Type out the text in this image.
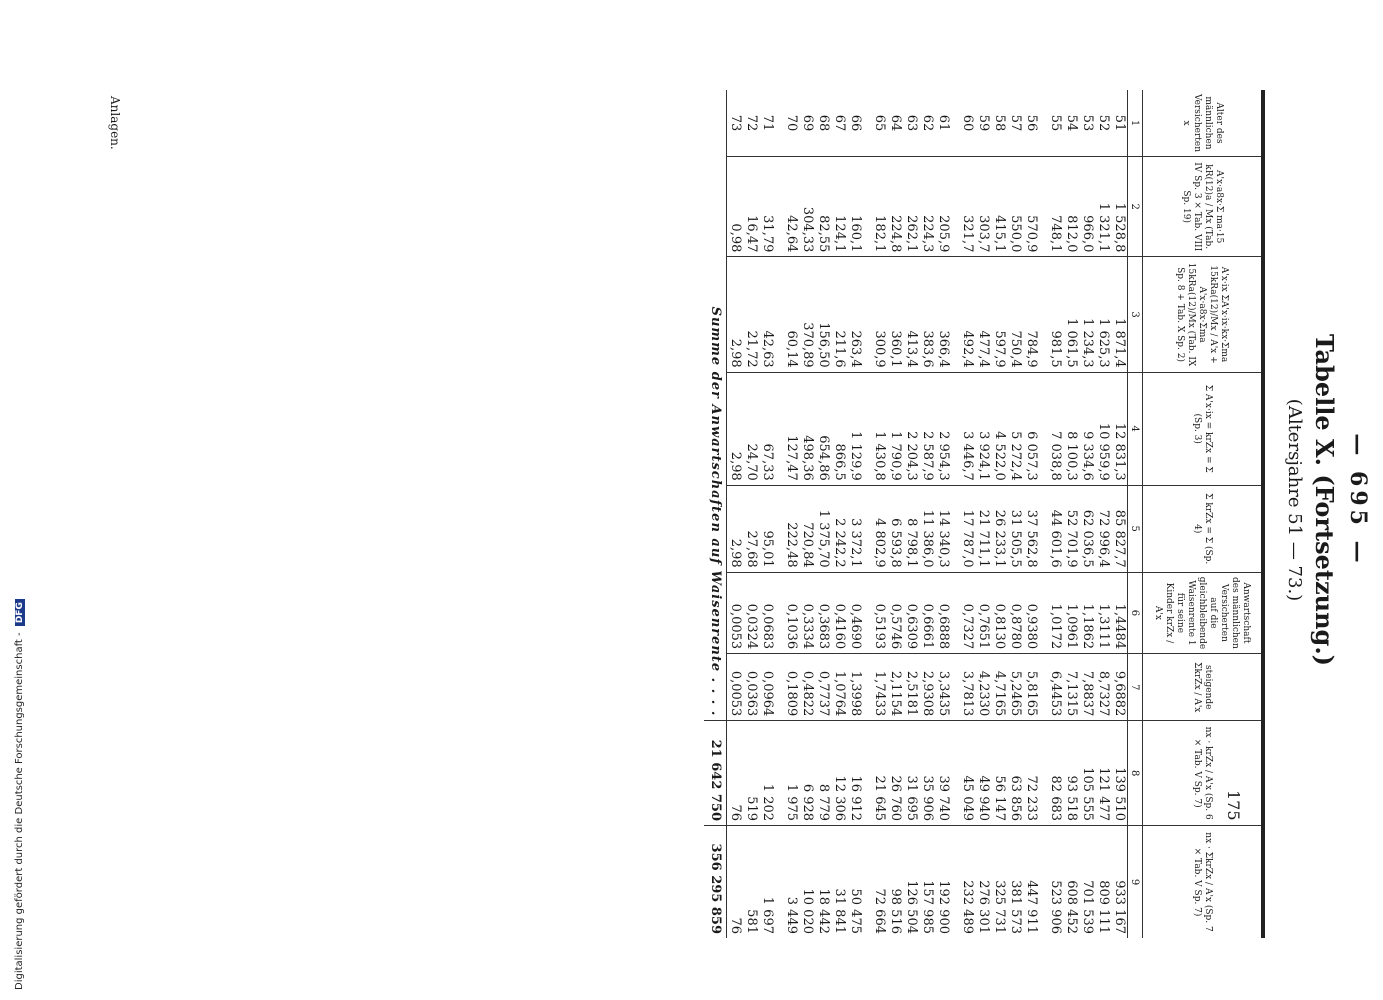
— 695 —
Tabelle X. (Fortsetzung.)
(Altersjahre 51 — 73.)
Alter des männlichen Versicherten x	A'x·a8x·Σ ma·15 kR(12)a / Mx (Tab. IV Sp. 3 × Tab. VIII Sp. 19)	A'x·ix ΣA'x·ix·kx·Σma 15kRa(12)/Mx / A'x + A'x·a8x·Σma 15kRa(12)/Mx (Tab. IX Sp. 8 + Tab. X Sp. 2)	Σ A'x·ix = krZx = Σ (Sp. 3)	Σ krZx = Σ (Sp. 4)	Anwartschaft des männlichen Versicherten auf die gleichbleibende Waisenrente 1 für seine Kinder krZx / A'x	steigende ΣkrZx / A'x	nx · krZx / A'x (Sp. 6 × Tab. V Sp. 7)	nx · ΣkrZx / A'x (Sp. 7 × Tab. V Sp. 7)
1	2	3	4	5	6	7	8	9
51	1 528,8	1 871,4	12 831,3	85 827,7	1,4484	9,6882	139 510	933 167
52	1 321,1	1 625,3	10 959,9	72 996,4	1,3111	8,7327	121 477	809 111
53	966,0	1 234,3	9 334,6	62 036,5	1,1862	7,8837	105 555	701 539
54	812,0	1 061,5	8 100,3	52 701,9	1,0961	7,1315	93 518	608 452
55	748,1	981,5	7 038,8	44 601,6	1,0172	6,4453	82 683	523 906

56	570,9	784,9	6 057,3	37 562,8	0,9380	5,8165	72 233	447 911
57	550,0	750,4	5 272,4	31 505,5	0,8780	5,2465	63 856	381 573
58	415,1	597,9	4 522,0	26 233,1	0,8130	4,7165	56 147	325 731
59	303,7	477,4	3 924,1	21 711,1	0,7651	4,2330	49 940	276 301
60	321,7	492,4	3 446,7	17 787,0	0,7327	3,7813	45 049	232 489

61	205,9	366,4	2 954,3	14 340,3	0,6888	3,3435	39 740	192 900
62	224,3	383,6	2 587,9	11 386,0	0,6661	2,9308	35 906	157 985
63	262,1	413,4	2 204,3	8 798,1	0,6309	2,5181	31 695	126 504
64	224,8	360,1	1 790,9	6 593,8	0,5746	2,1154	26 760	98 516
65	182,1	300,9	1 430,8	4 802,9	0,5193	1,7433	21 645	72 664

66	160,1	263,4	1 129,9	3 372,1	0,4690	1,3998	16 912	50 475
67	124,1	211,6	866,5	2 242,2	0,4160	1,0764	12 306	31 841
68	82,55	156,50	654,86	1 375,70	0,3683	0,7737	8 779	18 442
69	304,33	370,89	498,36	720,84	0,3334	0,4822	6 928	10 020
70	42,64	60,14	127,47	222,48	0,1036	0,1809	1 975	3 449

71	31,79	42,63	67,33	95,01	0,0683	0,0964	1 202	1 697
72	16,47	21,72	24,70	27,68	0,0324	0,0363	519	581
73	0,98	2,98	2,98	2,98	0,0053	0,0053	76	76
Summe der Anwartschaften auf Waisenrente . . . .							21 642 750	356 295 859
175
Anlagen.
Digitalisierung gefördert durch die Deutsche Forschungsgemeinschaft - DFG
